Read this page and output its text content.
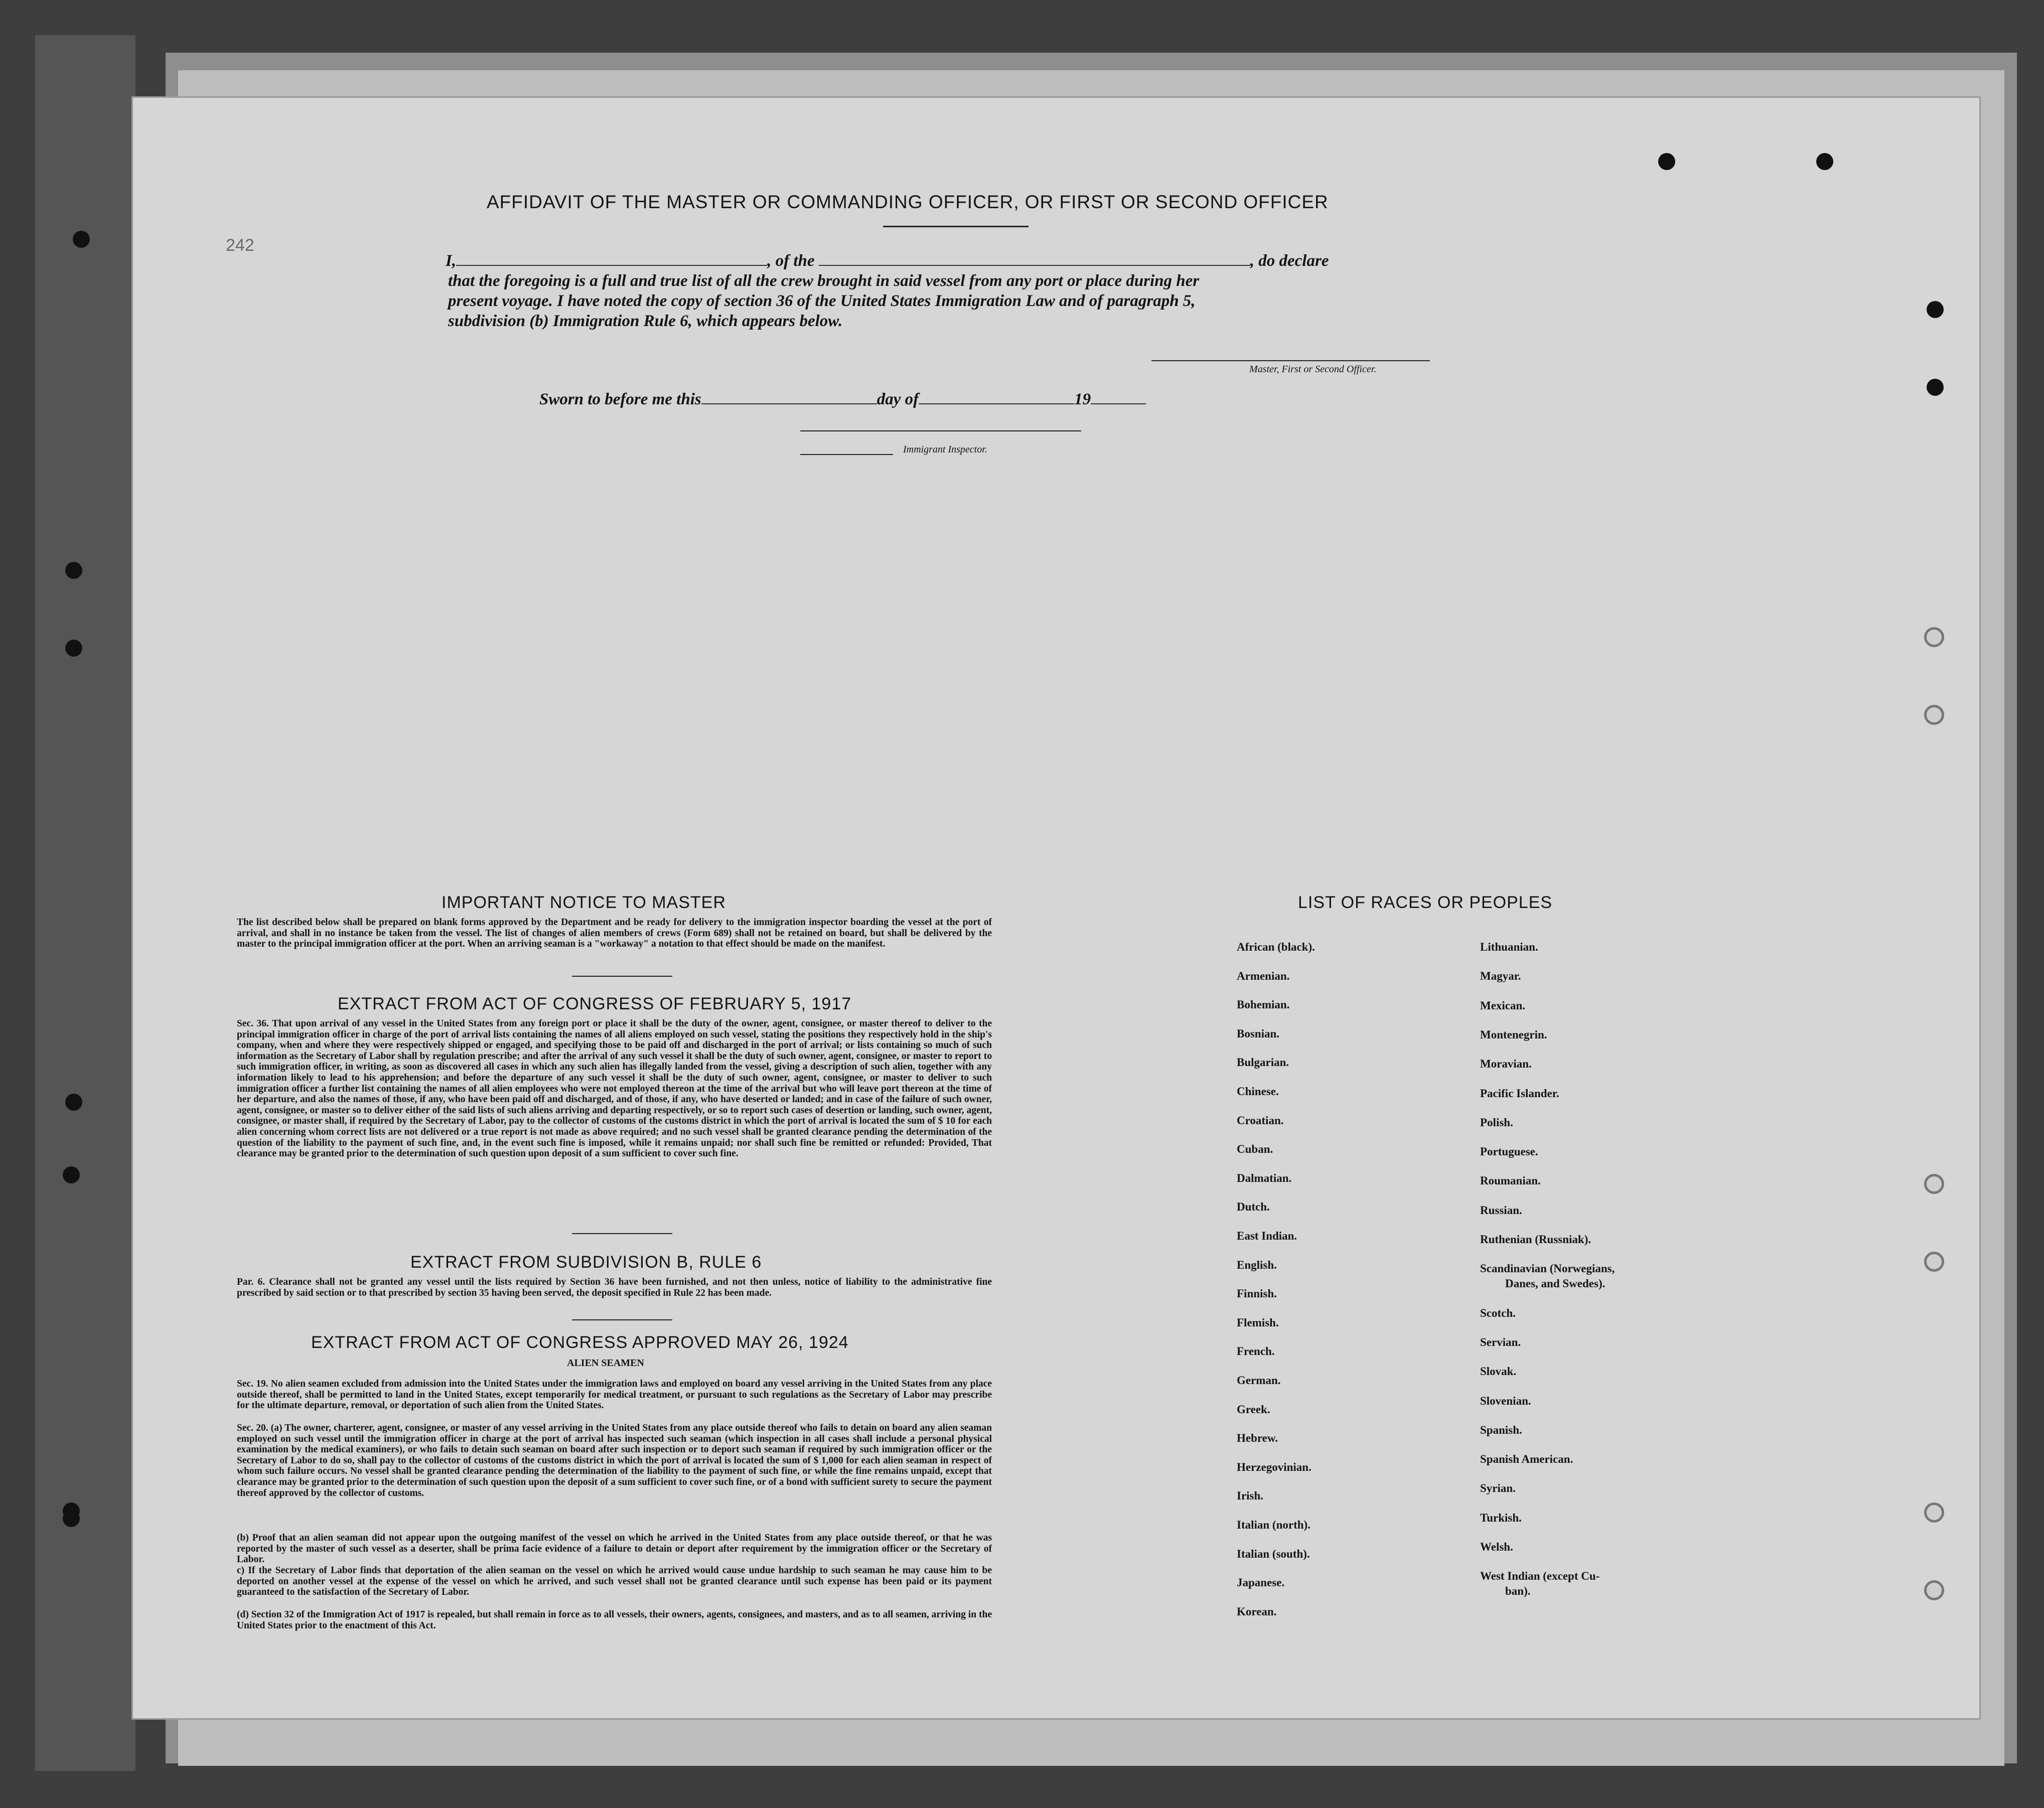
242
AFFIDAVIT OF THE MASTER OR COMMANDING OFFICER, OR FIRST OR SECOND OFFICER
I,	, of the	, do declare
that the foregoing is a full and true list of all the crew brought in said vessel from any port or place during her
present voyage. I have noted the copy of section 36 of the United States Immigration Law and of paragraph 5,
subdivision (b) Immigration Rule 6, which appears below.
Master, First or Second Officer.
Sworn to before me this	day of	19
Immigrant Inspector.
IMPORTANT NOTICE TO MASTER
The list described below shall be prepared on blank forms approved by the Department and be ready for delivery to the immigration inspector boarding the vessel at the port of arrival, and shall in no instance be taken from the vessel. The list of changes of alien members of crews (Form 689) shall not be retained on board, but shall be delivered by the master to the principal immigration officer at the port. When an arriving seaman is a "workaway" a notation to that effect should be made on the manifest.
EXTRACT FROM ACT OF CONGRESS OF FEBRUARY 5, 1917
Sec. 36. That upon arrival of any vessel in the United States from any foreign port or place it shall be the duty of the owner, agent, consignee, or master thereof to deliver to the principal immigration officer in charge of the port of arrival lists containing the names of all aliens employed on such vessel, stating the positions they respectively hold in the ship's company, when and where they were respectively shipped or engaged, and specifying those to be paid off and discharged in the port of arrival; or lists containing so much of such information as the Secretary of Labor shall by regulation prescribe; and after the arrival of any such vessel it shall be the duty of such owner, agent, consignee, or master to report to such immigration officer, in writing, as soon as discovered all cases in which any such alien has illegally landed from the vessel, giving a description of such alien, together with any information likely to lead to his apprehension; and before the departure of any such vessel it shall be the duty of such owner, agent, consignee, or master to deliver to such immigration officer a further list containing the names of all alien employees who were not employed thereon at the time of the arrival but who will leave port thereon at the time of her departure, and also the names of those, if any, who have been paid off and discharged, and of those, if any, who have deserted or landed; and in case of the failure of such owner, agent, consignee, or master so to deliver either of the said lists of such aliens arriving and departing respectively, or so to report such cases of desertion or landing, such owner, agent, consignee, or master shall, if required by the Secretary of Labor, pay to the collector of customs of the customs district in which the port of arrival is located the sum of $ 10 for each alien concerning whom correct lists are not delivered or a true report is not made as above required; and no such vessel shall be granted clearance pending the determination of the question of the liability to the payment of such fine, and, in the event such fine is imposed, while it remains unpaid; nor shall such fine be remitted or refunded: Provided, That clearance may be granted prior to the determination of such question upon deposit of a sum sufficient to cover such fine.
EXTRACT FROM SUBDIVISION B, RULE 6
Par. 6. Clearance shall not be granted any vessel until the lists required by Section 36 have been furnished, and not then unless, notice of liability to the administrative fine prescribed by said section or to that prescribed by section 35 having been served, the deposit specified in Rule 22 has been made.
EXTRACT FROM ACT OF CONGRESS APPROVED MAY 26, 1924
ALIEN SEAMEN
Sec. 19. No alien seamen excluded from admission into the United States under the immigration laws and employed on board any vessel arriving in the United States from any place outside thereof, shall be permitted to land in the United States, except temporarily for medical treatment, or pursuant to such regulations as the Secretary of Labor may prescribe for the ultimate departure, removal, or deportation of such alien from the United States.
Sec. 20. (a) The owner, charterer, agent, consignee, or master of any vessel arriving in the United States from any place outside thereof who fails to detain on board any alien seaman employed on such vessel until the immigration officer in charge at the port of arrival has inspected such seaman (which inspection in all cases shall include a personal physical examination by the medical examiners), or who fails to detain such seaman on board after such inspection or to deport such seaman if required by such immigration officer or the Secretary of Labor to do so, shall pay to the collector of customs of the customs district in which the port of arrival is located the sum of $ 1,000 for each alien seaman in respect of whom such failure occurs. No vessel shall be granted clearance pending the determination of the liability to the payment of such fine, or while the fine remains unpaid, except that clearance may be granted prior to the determination of such question upon the deposit of a sum sufficient to cover such fine, or of a bond with sufficient surety to secure the payment thereof approved by the collector of customs.
(b) Proof that an alien seaman did not appear upon the outgoing manifest of the vessel on which he arrived in the United States from any place outside thereof, or that he was reported by the master of such vessel as a deserter, shall be prima facie evidence of a failure to detain or deport after requirement by the immigration officer or the Secretary of Labor.
c) If the Secretary of Labor finds that deportation of the alien seaman on the vessel on which he arrived would cause undue hardship to such seaman he may cause him to be deported on another vessel at the expense of the vessel on which he arrived, and such vessel shall not be granted clearance until such expense has been paid or its payment guaranteed to the satisfaction of the Secretary of Labor.
(d) Section 32 of the Immigration Act of 1917 is repealed, but shall remain in force as to all vessels, their owners, agents, consignees, and masters, and as to all seamen, arriving in the United States prior to the enactment of this Act.
LIST OF RACES OR PEOPLES
African (black).
Armenian.
Bohemian.
Bosnian.
Bulgarian.
Chinese.
Croatian.
Cuban.
Dalmatian.
Dutch.
East Indian.
English.
Finnish.
Flemish.
French.
German.
Greek.
Hebrew.
Herzegovinian.
Irish.
Italian (north).
Italian (south).
Japanese.
Korean.
Lithuanian.
Magyar.
Mexican.
Montenegrin.
Moravian.
Pacific Islander.
Polish.
Portuguese.
Roumanian.
Russian.
Ruthenian (Russniak).
Scandinavian (Norwegians,
Danes, and Swedes).
Scotch.
Servian.
Slovak.
Slovenian.
Spanish.
Spanish American.
Syrian.
Turkish.
Welsh.
West Indian (except Cu-
ban).
